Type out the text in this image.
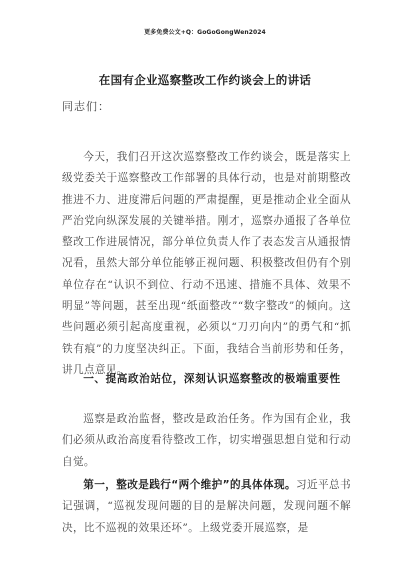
更多免费公文+Q：GoGoGongWen2024
在国有企业巡察整改工作约谈会上的讲话
同志们：

今天，我们召开这次巡察整改工作约谈会，既是落实上级党委关于巡察整改工作部署的具体行动，也是对前期整改推进不力、进度滞后问题的严肃提醒，更是推动企业全面从严治党向纵深发展的关键举措。刚才，巡察办通报了各单位整改工作进展情况，部分单位负责人作了表态发言从通报情况看，虽然大部分单位能够正视问题、积极整改但仍有个别单位存在“认识不到位、行动不迅速、措施不具体、效果不明显”等问题，甚至出现“纸面整改”“数字整改”的倾向。这些问题必须引起高度重视，必须以“刀刃向内”的勇气和“抓铁有痕”的力度坚决纠正。下面，我结合当前形势和任务，讲几点意见。

一、提高政治站位，深刻认识巡察整改的极端重要性

巡察是政治监督，整改是政治任务。作为国有企业，我们必须从政治高度看待整改工作，切实增强思想自觉和行动自觉。

第一，整改是践行“两个维护”的具体体现。习近平总书记强调，“巡视发现问题的目的是解决问题，发现问题不解决，比不巡视的效果还坏”。上级党委开展巡察，是
